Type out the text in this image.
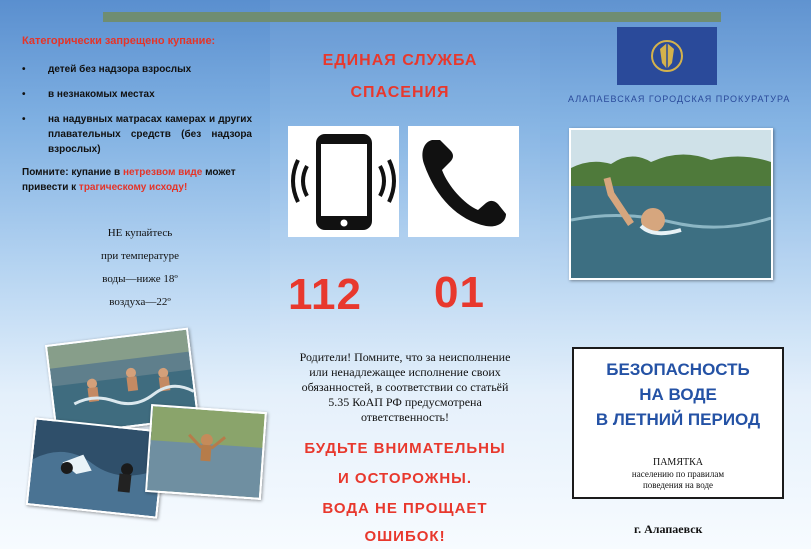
Категорически запрещено купание:
• детей без надзора взрослых
• в незнакомых местах
• на надувных матрасах камерах и других плавательных средств (без надзора взрослых)
Помните: купание в нетрезвом виде может привести к трагическому исходу!
НЕ купайтесь
при температуре
воды—ниже 18º
воздуха—22º
ЕДИНАЯ СЛУЖБА
СПАСЕНИЯ
112 01
Родители! Помните, что за неисполнение или ненадлежащее исполнение своих обязанностей, в соответствии со статьёй 5.35 КоАП РФ предусмотрена ответственность!
БУДЬТЕ ВНИМАТЕЛЬНЫ
И ОСТОРОЖНЫ.
ВОДА НЕ ПРОЩАЕТ
ОШИБОК!
АЛАПАЕВСКАЯ ГОРОДСКАЯ ПРОКУРАТУРА
БЕЗОПАСНОСТЬ
НА ВОДЕ
В ЛЕТНИЙ ПЕРИОД
ПАМЯТКА
населению по правилам
поведения на воде
г. Алапаевск
